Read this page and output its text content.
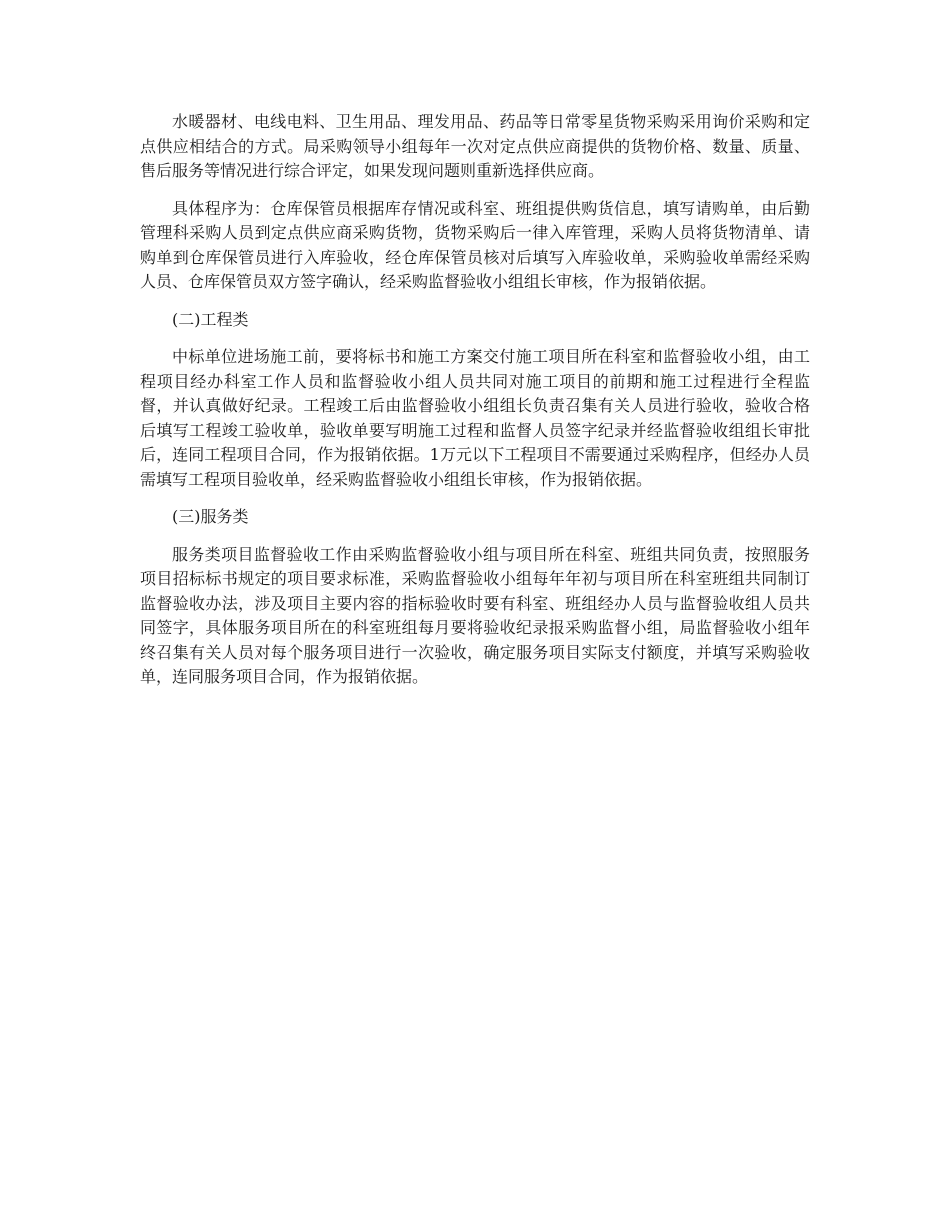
水暖器材、电线电料、卫生用品、理发用品、药品等日常零星货物采购采用询价采购和定点供应相结合的方式。局采购领导小组每年一次对定点供应商提供的货物价格、数量、质量、售后服务等情况进行综合评定，如果发现问题则重新选择供应商。

具体程序为：仓库保管员根据库存情况或科室、班组提供购货信息，填写请购单，由后勤管理科采购人员到定点供应商采购货物，货物采购后一律入库管理，采购人员将货物清单、请购单到仓库保管员进行入库验收，经仓库保管员核对后填写入库验收单，采购验收单需经采购人员、仓库保管员双方签字确认，经采购监督验收小组组长审核，作为报销依据。

(二)工程类

中标单位进场施工前，要将标书和施工方案交付施工项目所在科室和监督验收小组，由工程项目经办科室工作人员和监督验收小组人员共同对施工项目的前期和施工过程进行全程监督，并认真做好纪录。工程竣工后由监督验收小组组长负责召集有关人员进行验收，验收合格后填写工程竣工验收单，验收单要写明施工过程和监督人员签字纪录并经监督验收组组长审批后，连同工程项目合同，作为报销依据。1万元以下工程项目不需要通过采购程序，但经办人员需填写工程项目验收单，经采购监督验收小组组长审核，作为报销依据。

(三)服务类

服务类项目监督验收工作由采购监督验收小组与项目所在科室、班组共同负责，按照服务项目招标标书规定的项目要求标准，采购监督验收小组每年年初与项目所在科室班组共同制订监督验收办法，涉及项目主要内容的指标验收时要有科室、班组经办人员与监督验收组人员共同签字，具体服务项目所在的科室班组每月要将验收纪录报采购监督小组，局监督验收小组年终召集有关人员对每个服务项目进行一次验收，确定服务项目实际支付额度，并填写采购验收单，连同服务项目合同，作为报销依据。
